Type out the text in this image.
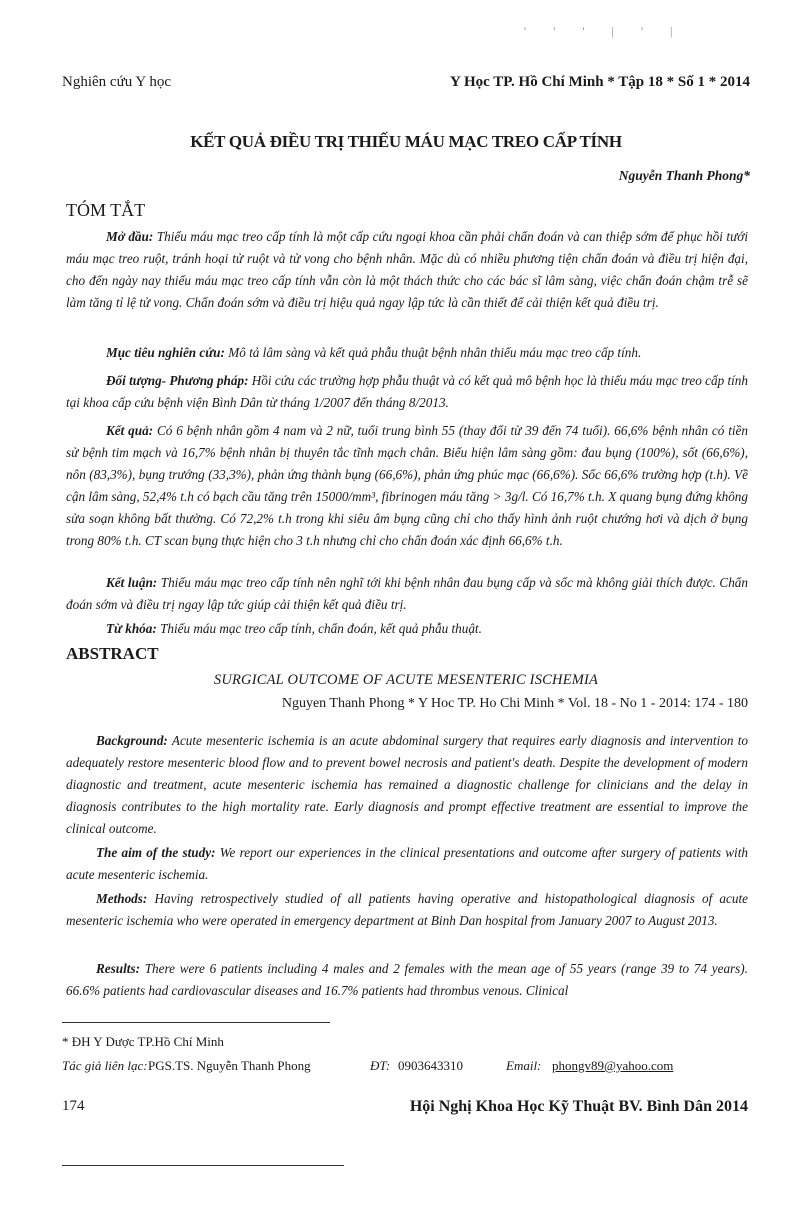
' ' ' | ' |
Nghiên cứu Y học	Y Học TP. Hồ Chí Minh * Tập 18 * Số 1 * 2014
KẾT QUẢ ĐIỀU TRỊ THIẾU MÁU MẠC TREO CẤP TÍNH
Nguyễn Thanh Phong*
TÓM TẮT

Mở đầu: Thiếu máu mạc treo cấp tính là một cấp cứu ngoại khoa cần phải chẩn đoán và can thiệp sớm để phục hồi tưới máu mạc treo ruột, tránh hoại tử ruột và tử vong cho bệnh nhân. Mặc dù có nhiều phương tiện chẩn đoán và điều trị hiện đại, cho đến ngày nay thiếu máu mạc treo cấp tính vẫn còn là một thách thức cho các bác sĩ lâm sàng, việc chẩn đoán chậm trễ sẽ làm tăng tỉ lệ tử vong. Chẩn đoán sớm và điều trị hiệu quả ngay lập tức là cần thiết để cải thiện kết quả điều trị.

Mục tiêu nghiên cứu: Mô tả lâm sàng và kết quả phẫu thuật bệnh nhân thiếu máu mạc treo cấp tính.

Đối tượng- Phương pháp: Hồi cứu các trường hợp phẫu thuật và có kết quả mô bệnh học là thiếu máu mạc treo cấp tính tại khoa cấp cứu bệnh viện Bình Dân từ tháng 1/2007 đến tháng 8/2013.

Kết quả: Có 6 bệnh nhân gồm 4 nam và 2 nữ, tuổi trung bình 55 (thay đổi từ 39 đến 74 tuổi). 66,6% bệnh nhân có tiền sử bệnh tim mạch và 16,7% bệnh nhân bị thuyên tắc tĩnh mạch chân. Biểu hiện lâm sàng gồm: đau bụng (100%), sốt (66,6%), nôn (83,3%), bụng trướng (33,3%), phản ứng thành bụng (66,6%), phản ứng phúc mạc (66,6%). Sốc 66,6% trường hợp (t.h). Về cận lâm sàng, 52,4% t.h có bạch cầu tăng trên 15000/mm³, fibrinogen máu tăng > 3g/l. Có 16,7% t.h. X quang bụng đứng không sửa soạn không bất thường. Có 72,2% t.h trong khi siêu âm bụng cũng chỉ cho thấy hình ảnh ruột chướng hơi và dịch ở bụng trong 80% t.h. CT scan bụng thực hiện cho 3 t.h nhưng chỉ cho chẩn đoán xác định 66,6% t.h.

Kết luận: Thiếu máu mạc treo cấp tính nên nghĩ tới khi bệnh nhân đau bụng cấp và sốc mà không giải thích được. Chẩn đoán sớm và điều trị ngay lập tức giúp cải thiện kết quả điều trị.

Từ khóa: Thiếu máu mạc treo cấp tính, chẩn đoán, kết quả phẫu thuật.

ABSTRACT
SURGICAL OUTCOME OF ACUTE MESENTERIC ISCHEMIA
Nguyen Thanh Phong * Y Hoc TP. Ho Chi Minh * Vol. 18 - No 1 - 2014: 174 - 180

Background: Acute mesenteric ischemia is an acute abdominal surgery that requires early diagnosis and intervention to adequately restore mesenteric blood flow and to prevent bowel necrosis and patient's death. Despite the development of modern diagnostic and treatment, acute mesenteric ischemia has remained a diagnostic challenge for clinicians and the delay in diagnosis contributes to the high mortality rate. Early diagnosis and prompt effective treatment are essential to improve the clinical outcome.

The aim of the study: We report our experiences in the clinical presentations and outcome after surgery of patients with acute mesenteric ischemia.

Methods: Having retrospectively studied of all patients having operative and histopathological diagnosis of acute mesenteric ischemia who were operated in emergency department at Binh Dan hospital from January 2007 to August 2013.

Results: There were 6 patients including 4 males and 2 females with the mean age of 55 years (range 39 to 74 years). 66.6% patients had cardiovascular diseases and 16.7% patients had thrombus venous. Clinical

* ĐH Y Dược TP.Hồ Chí Minh
Tác giả liên lạc: PGS.TS. Nguyễn Thanh Phong	ĐT: 0903643310	Email: phongv89@yahoo.com
174	Hội Nghị Khoa Học Kỹ Thuật BV. Bình Dân 2014
